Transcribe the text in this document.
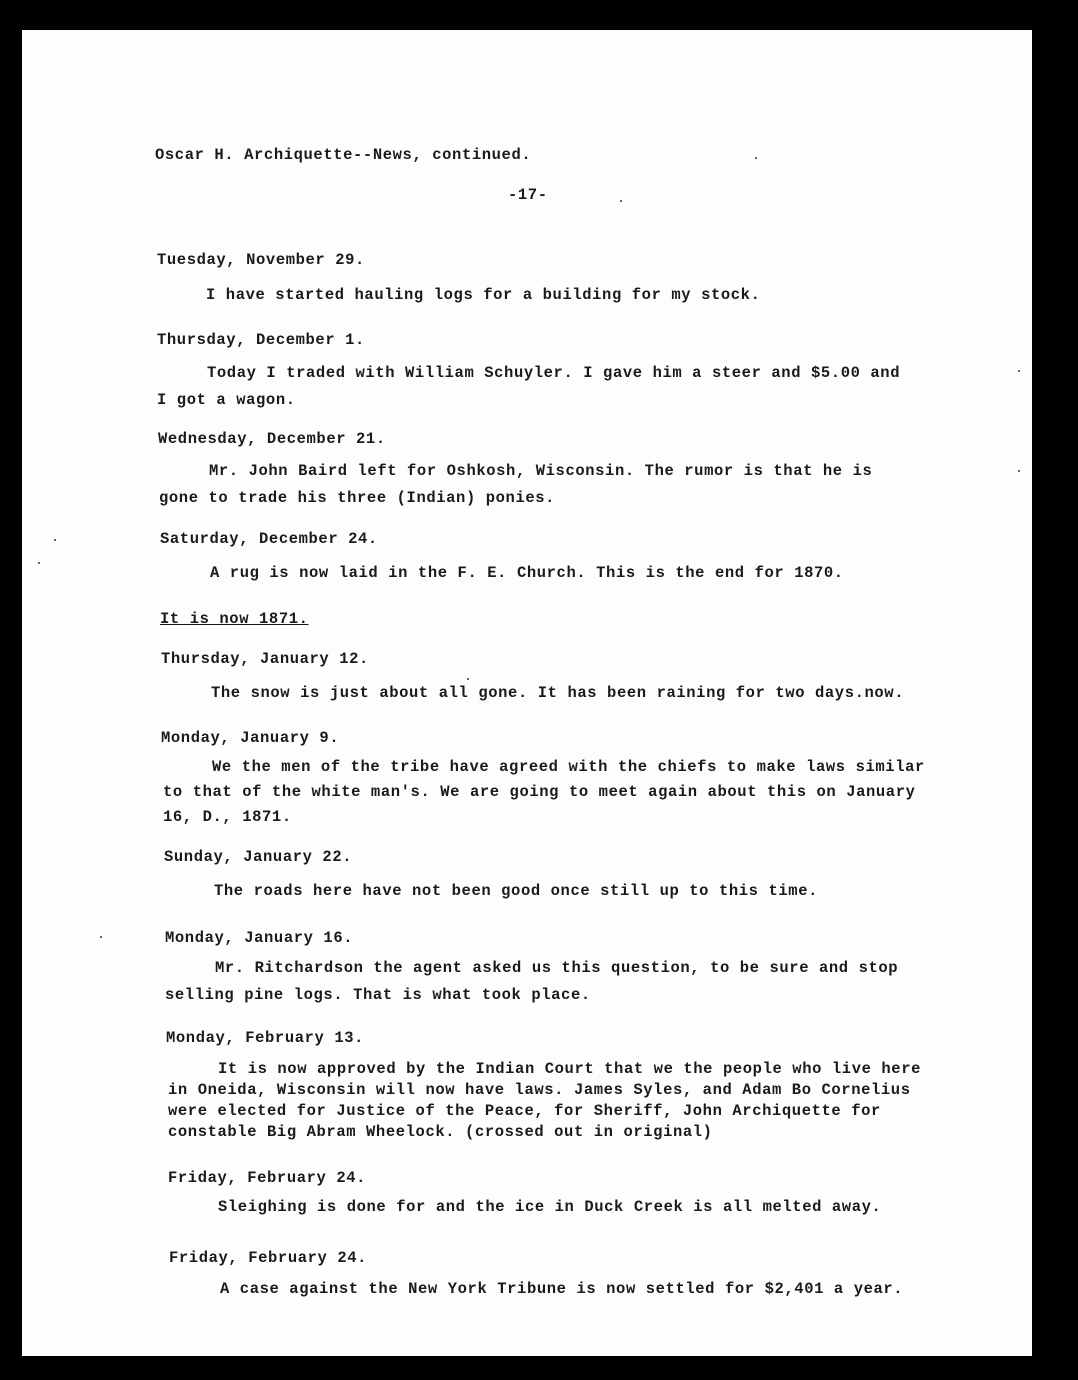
Oscar H. Archiquette--News, continued.
-17-
Tuesday, November 29.
I have started hauling logs for a building for my stock.
Thursday, December 1.
Today I traded with William Schuyler. I gave him a steer and $5.00 and
I got a wagon.
Wednesday, December 21.
Mr. John Baird left for Oshkosh, Wisconsin. The rumor is that he is
gone to trade his three (Indian) ponies.
Saturday, December 24.
A rug is now laid in the F. E. Church. This is the end for 1870.
It is now 1871.
Thursday, January 12.
The snow is just about all gone. It has been raining for two days.now.
Monday, January 9.
We the men of the tribe have agreed with the chiefs to make laws similar
to that of the white man's. We are going to meet again about this on January
16, D., 1871.
Sunday, January 22.
The roads here have not been good once still up to this time.
Monday, January 16.
Mr. Ritchardson the agent asked us this question, to be sure and stop
selling pine logs. That is what took place.
Monday, February 13.
It is now approved by the Indian Court that we the people who live here
in Oneida, Wisconsin will now have laws. James Syles, and Adam Bo Cornelius
were elected for Justice of the Peace, for Sheriff, John Archiquette for
constable Big Abram Wheelock. (crossed out in original)
Friday, February 24.
Sleighing is done for and the ice in Duck Creek is all melted away.
Friday, February 24.
A case against the New York Tribune is now settled for $2,401 a year.
